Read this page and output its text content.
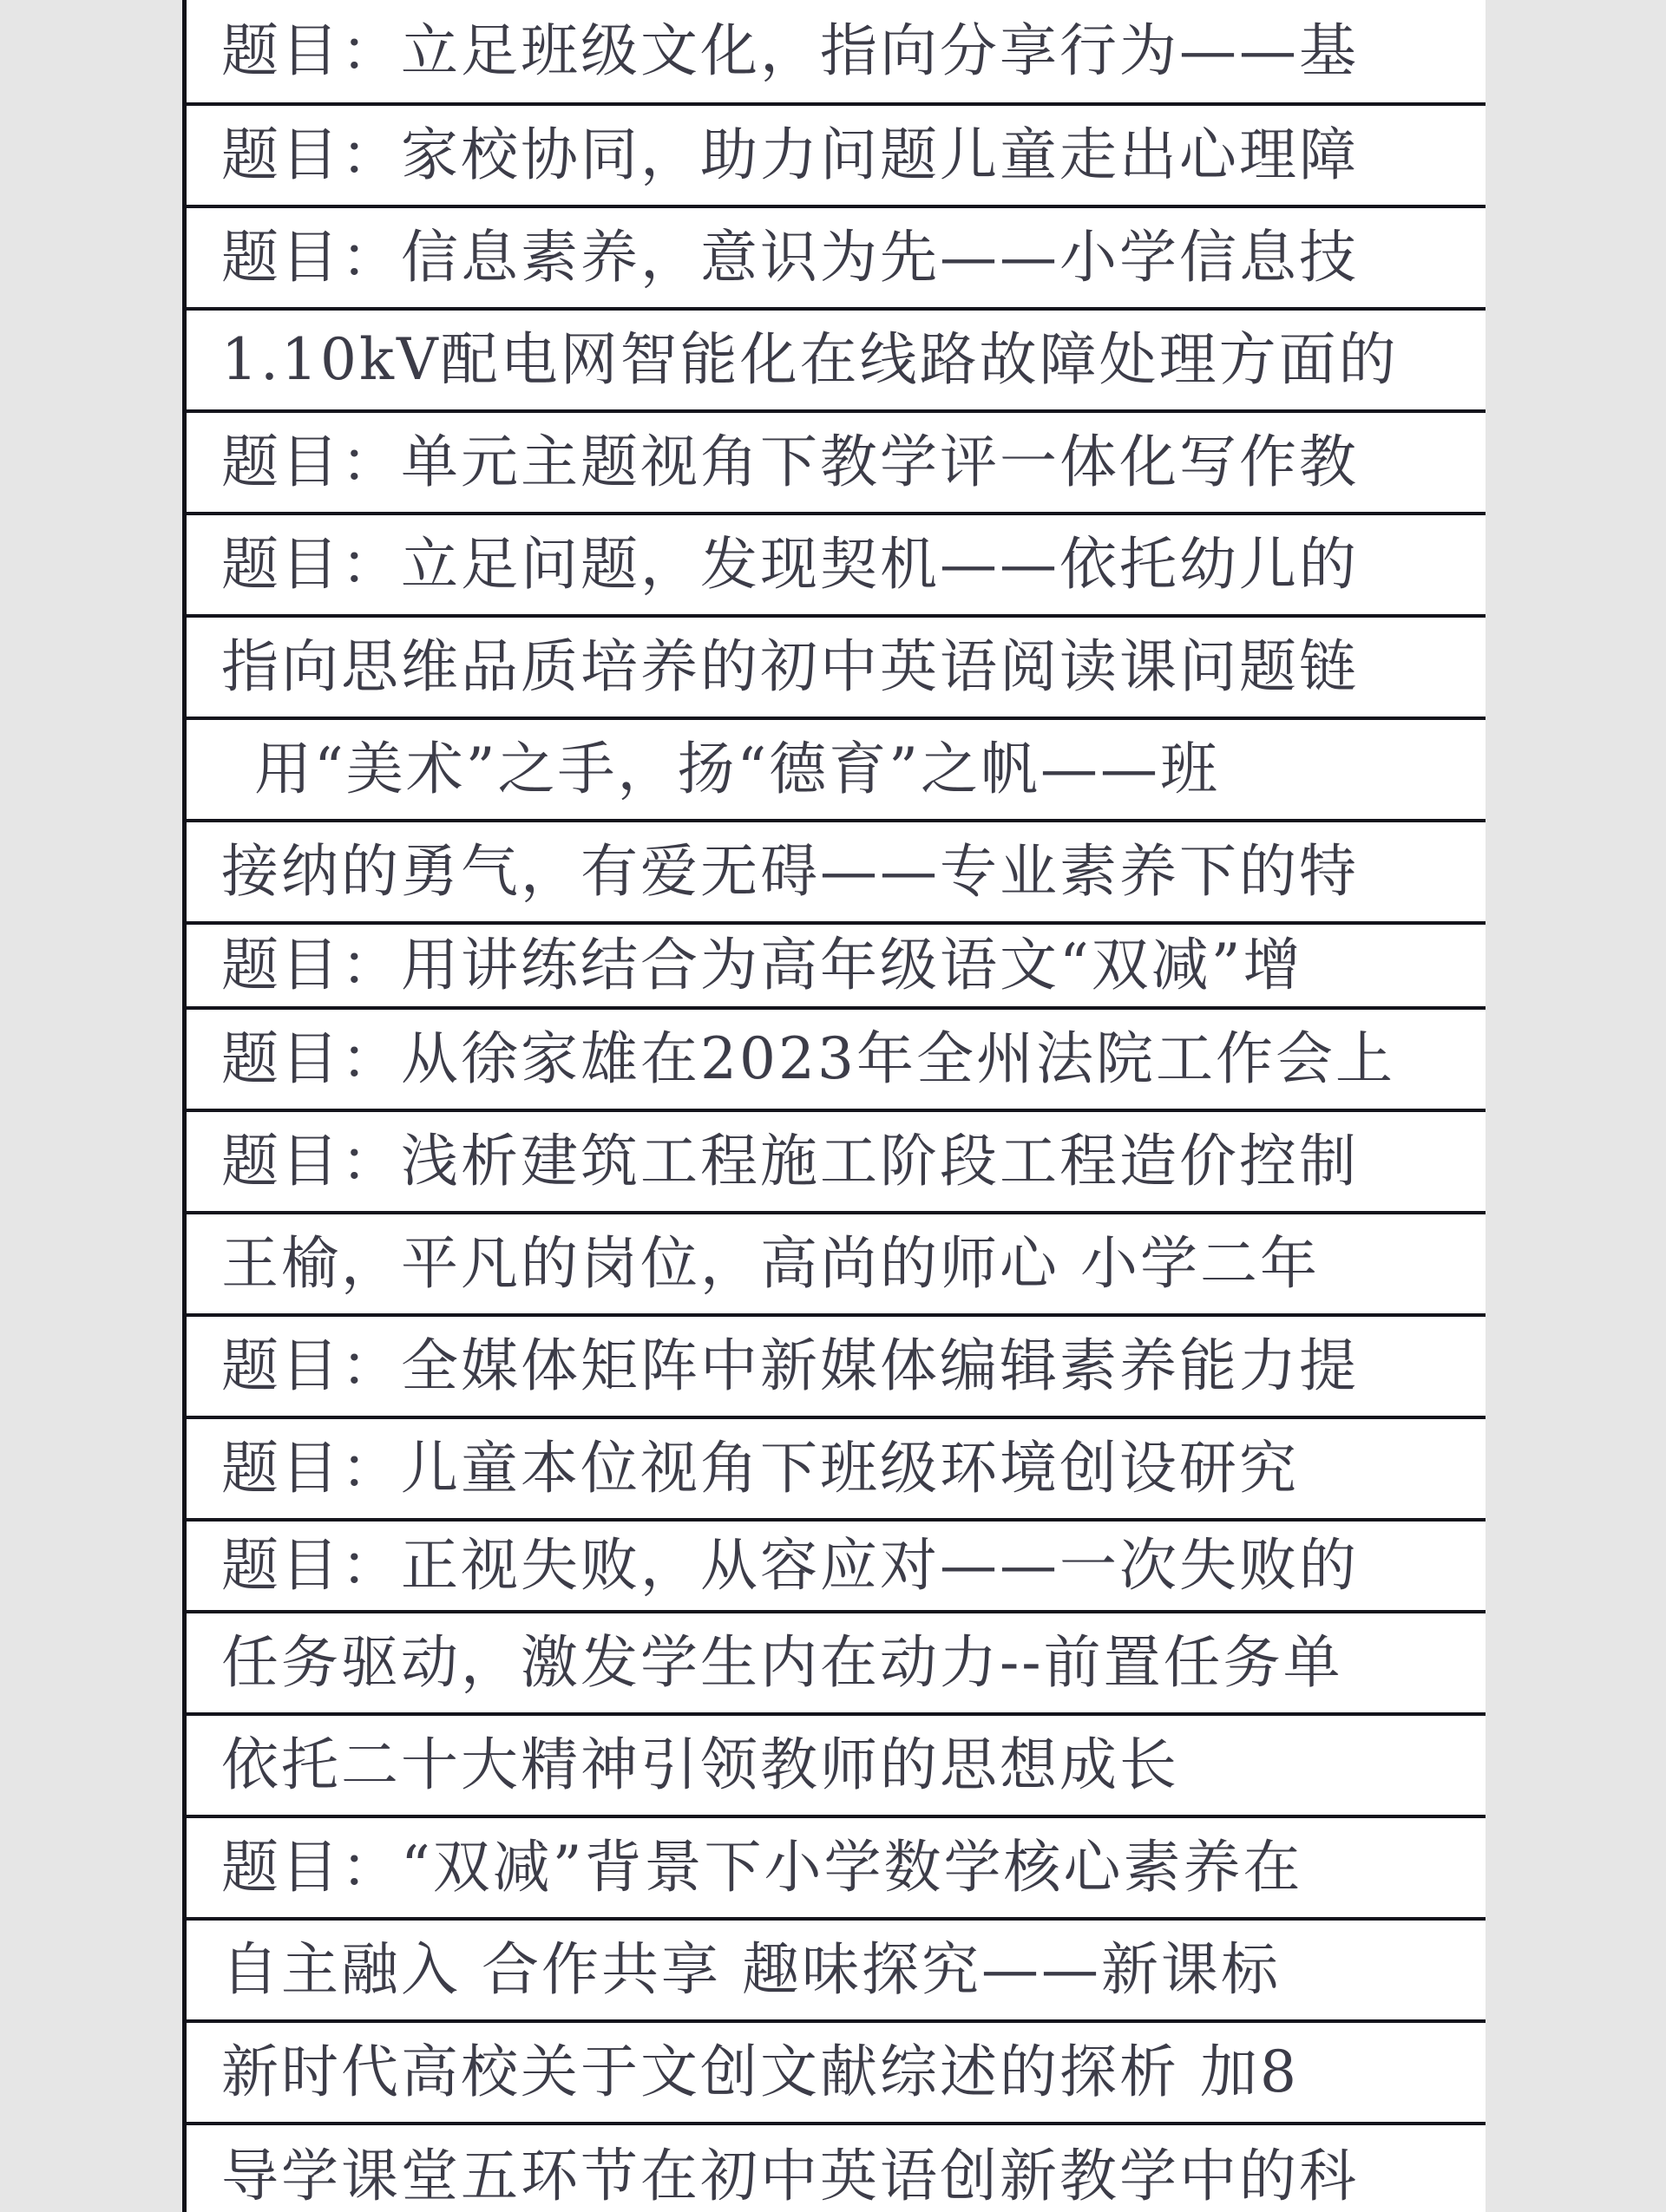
题目：立足班级文化，指向分享行为——基
题目：家校协同，助力问题儿童走出心理障
题目：信息素养，意识为先——小学信息技
1.10kV配电网智能化在线路故障处理方面的
题目：单元主题视角下教学评一体化写作教
题目：立足问题，发现契机——依托幼儿的
指向思维品质培养的初中英语阅读课问题链
用“美术”之手，扬“德育”之帆——班
接纳的勇气，有爱无碍——专业素养下的特
题目：用讲练结合为高年级语文“双减”增
题目：从徐家雄在2023年全州法院工作会上
题目：浅析建筑工程施工阶段工程造价控制
王榆，平凡的岗位，高尚的师心 小学二年
题目：全媒体矩阵中新媒体编辑素养能力提
题目：儿童本位视角下班级环境创设研究
题目：正视失败，从容应对——一次失败的
任务驱动，激发学生内在动力--前置任务单
依托二十大精神引领教师的思想成长
题目：“双减”背景下小学数学核心素养在
自主融入 合作共享 趣味探究——新课标
新时代高校关于文创文献综述的探析 加8
导学课堂五环节在初中英语创新教学中的科
